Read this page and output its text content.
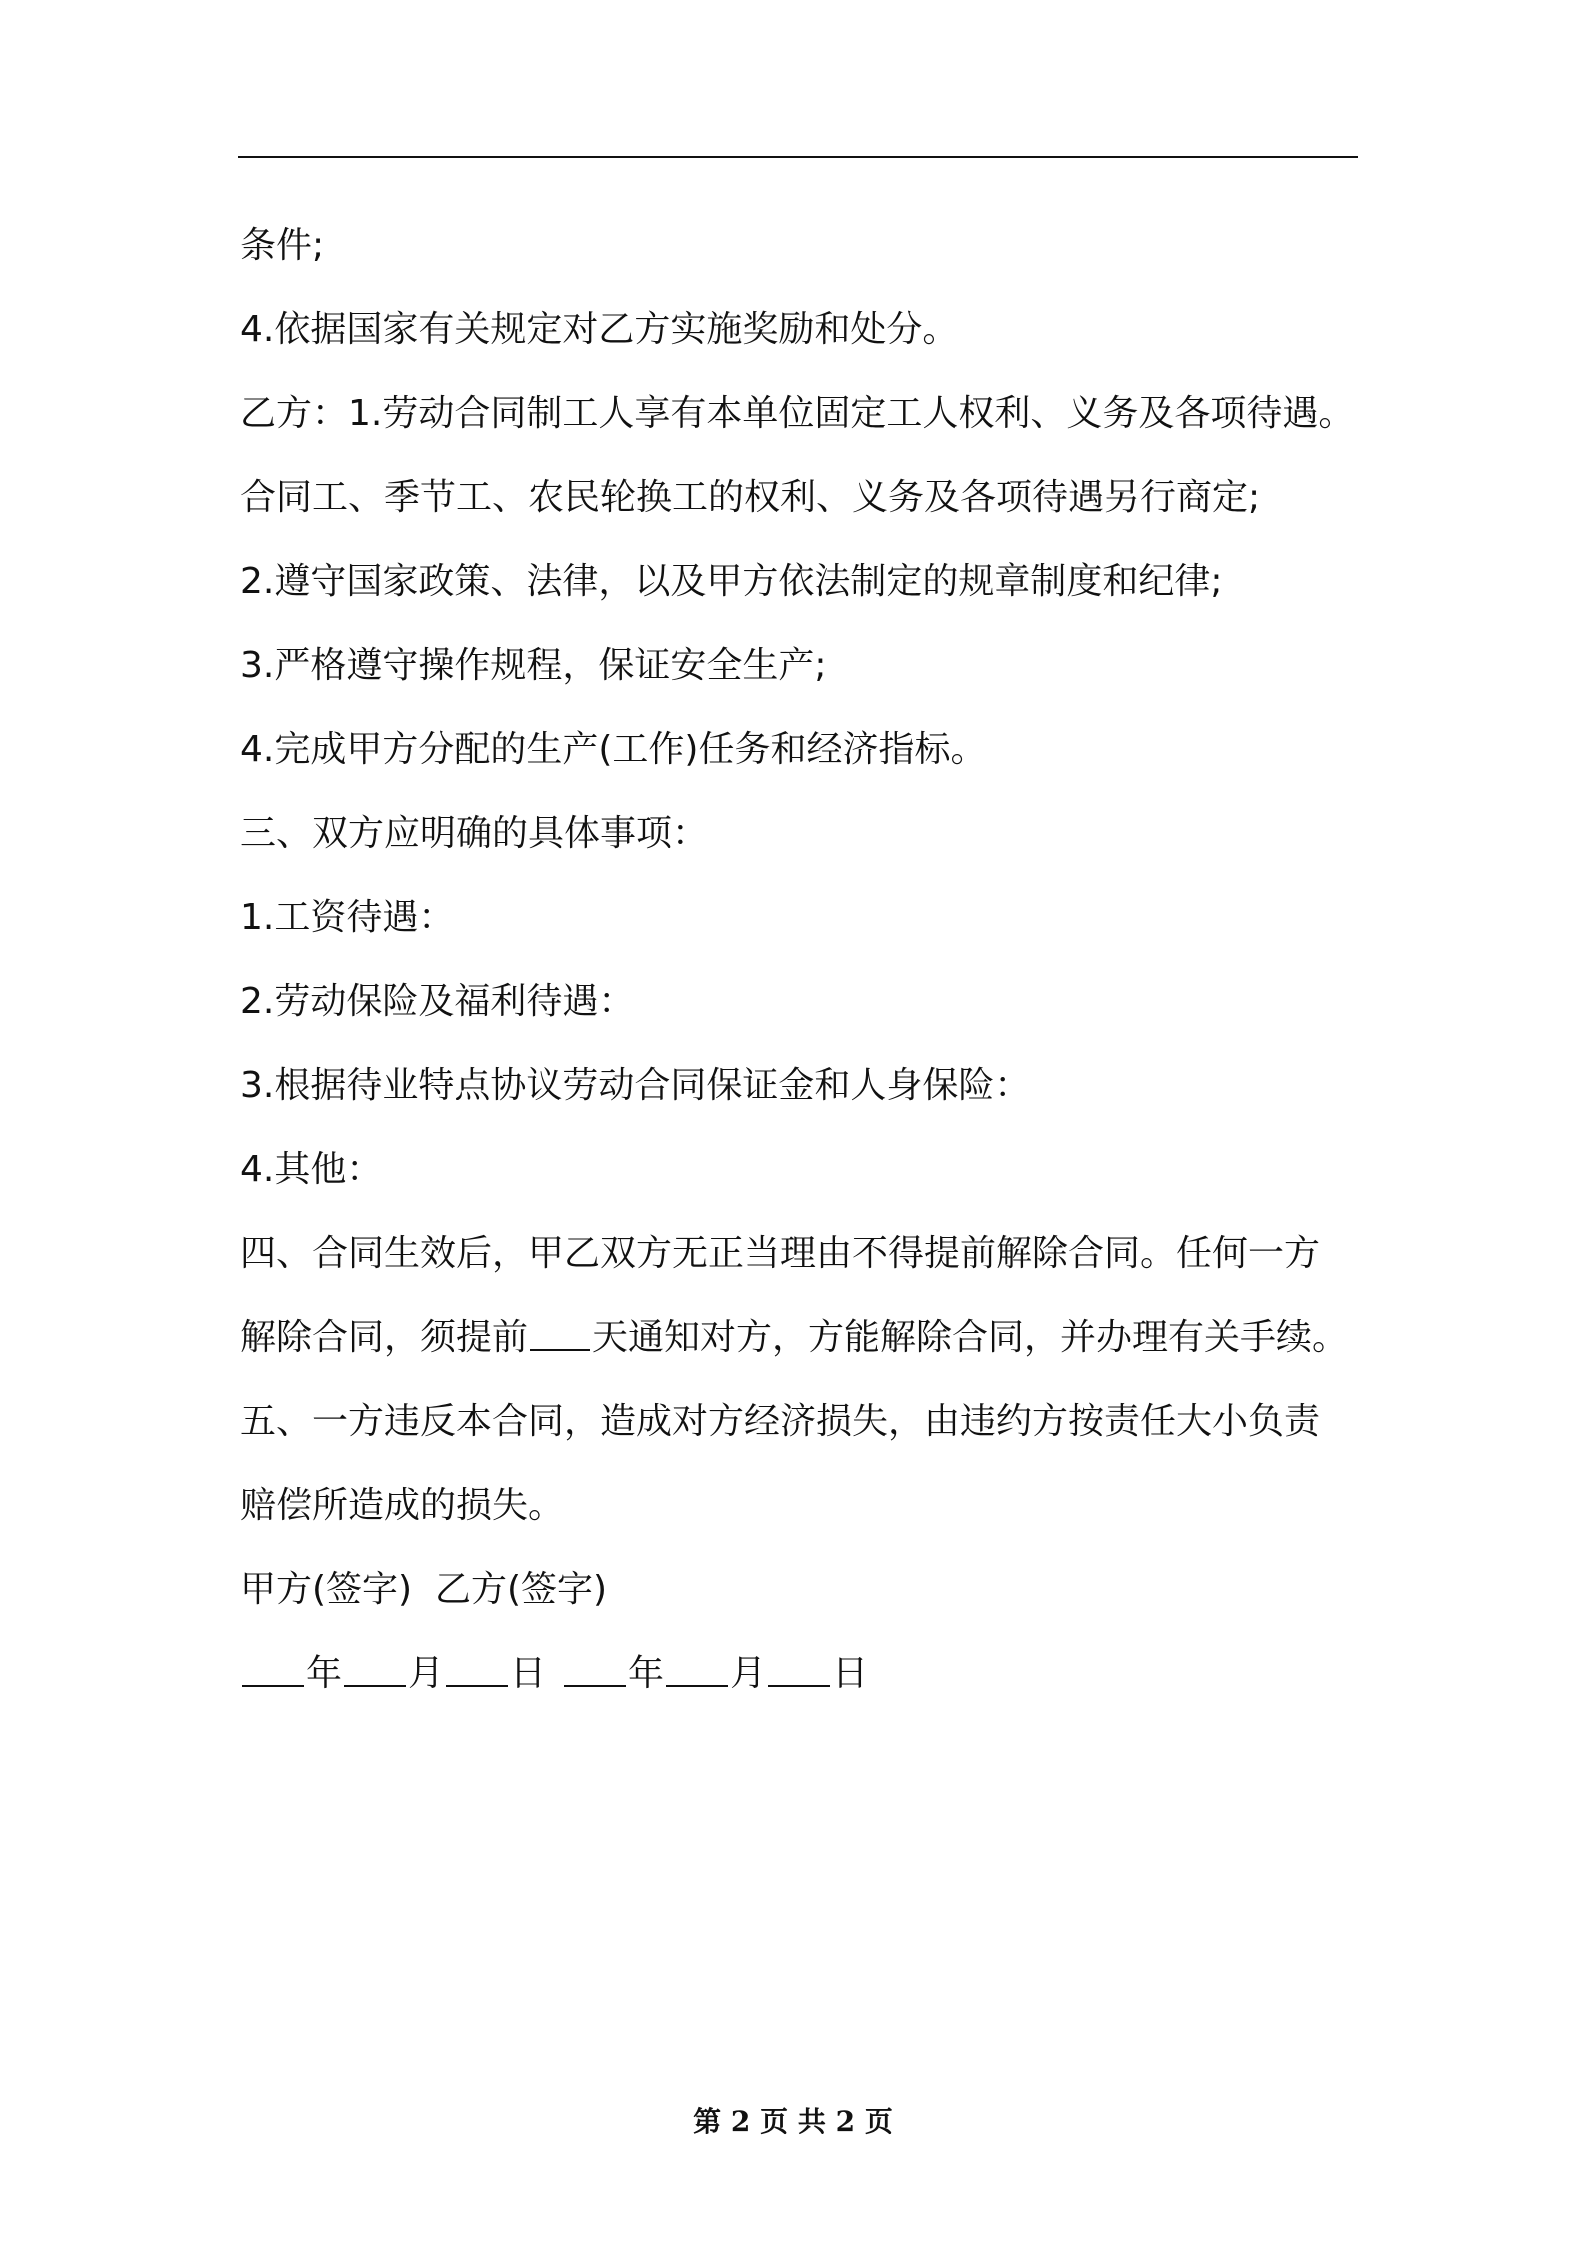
条件;
4.依据国家有关规定对乙方实施奖励和处分。
乙方：1.劳动合同制工人享有本单位固定工人权利、义务及各项待遇。
合同工、季节工、农民轮换工的权利、义务及各项待遇另行商定;
2.遵守国家政策、法律，以及甲方依法制定的规章制度和纪律;
3.严格遵守操作规程，保证安全生产;
4.完成甲方分配的生产(工作)任务和经济指标。
三、双方应明确的具体事项：
1.工资待遇：
2.劳动保险及福利待遇：
3.根据待业特点协议劳动合同保证金和人身保险：
4.其他：
四、合同生效后，甲乙双方无正当理由不得提前解除合同。任何一方
解除合同，须提前 天通知对方，方能解除合同，并办理有关手续。
五、一方违反本合同，造成对方经济损失，由违约方按责任大小负责
赔偿所造成的损失。
甲方(签字)  乙方(签字)
年 月 日 年 月 日
第 2 页 共 2 页
